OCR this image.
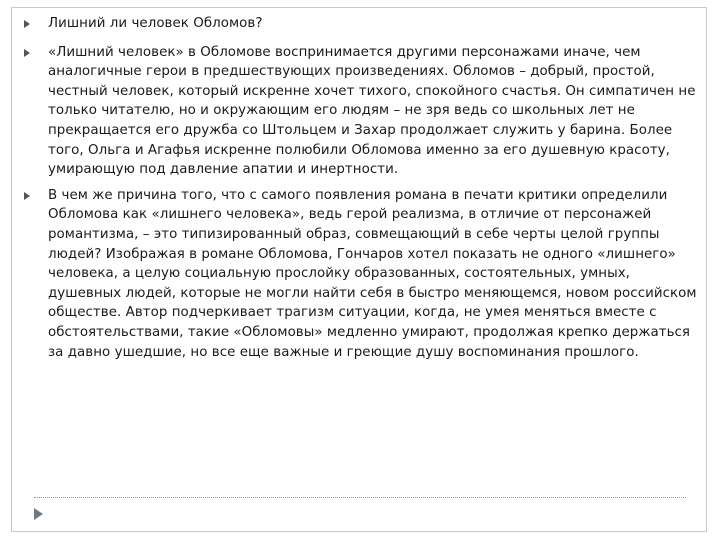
Лишний ли человек Обломов?
«Лишний человек» в Обломове воспринимается другими персонажами иначе, чем аналогичные герои в предшествующих произведениях. Обломов – добрый, простой, честный человек, который искренне хочет тихого, спокойного счастья. Он симпатичен не только читателю, но и окружающим его людям – не зря ведь со школьных лет не прекращается его дружба со Штольцем и Захар продолжает служить у барина. Более того, Ольга и Агафья искренне полюбили Обломова именно за его душевную красоту, умирающую под давление апатии и инертности.
В чем же причина того, что с самого появления романа в печати критики определили Обломова как «лишнего человека», ведь герой реализма, в отличие от персонажей романтизма, – это типизированный образ, совмещающий в себе черты целой группы людей? Изображая в романе Обломова, Гончаров хотел показать не одного «лишнего» человека, а целую социальную прослойку образованных, состоятельных, умных, душевных людей, которые не могли найти себя в быстро меняющемся, новом российском обществе. Автор подчеркивает трагизм ситуации, когда, не умея меняться вместе с обстоятельствами, такие «Обломовы» медленно умирают, продолжая крепко держаться за давно ушедшие, но все еще важные и греющие душу воспоминания прошлого.
